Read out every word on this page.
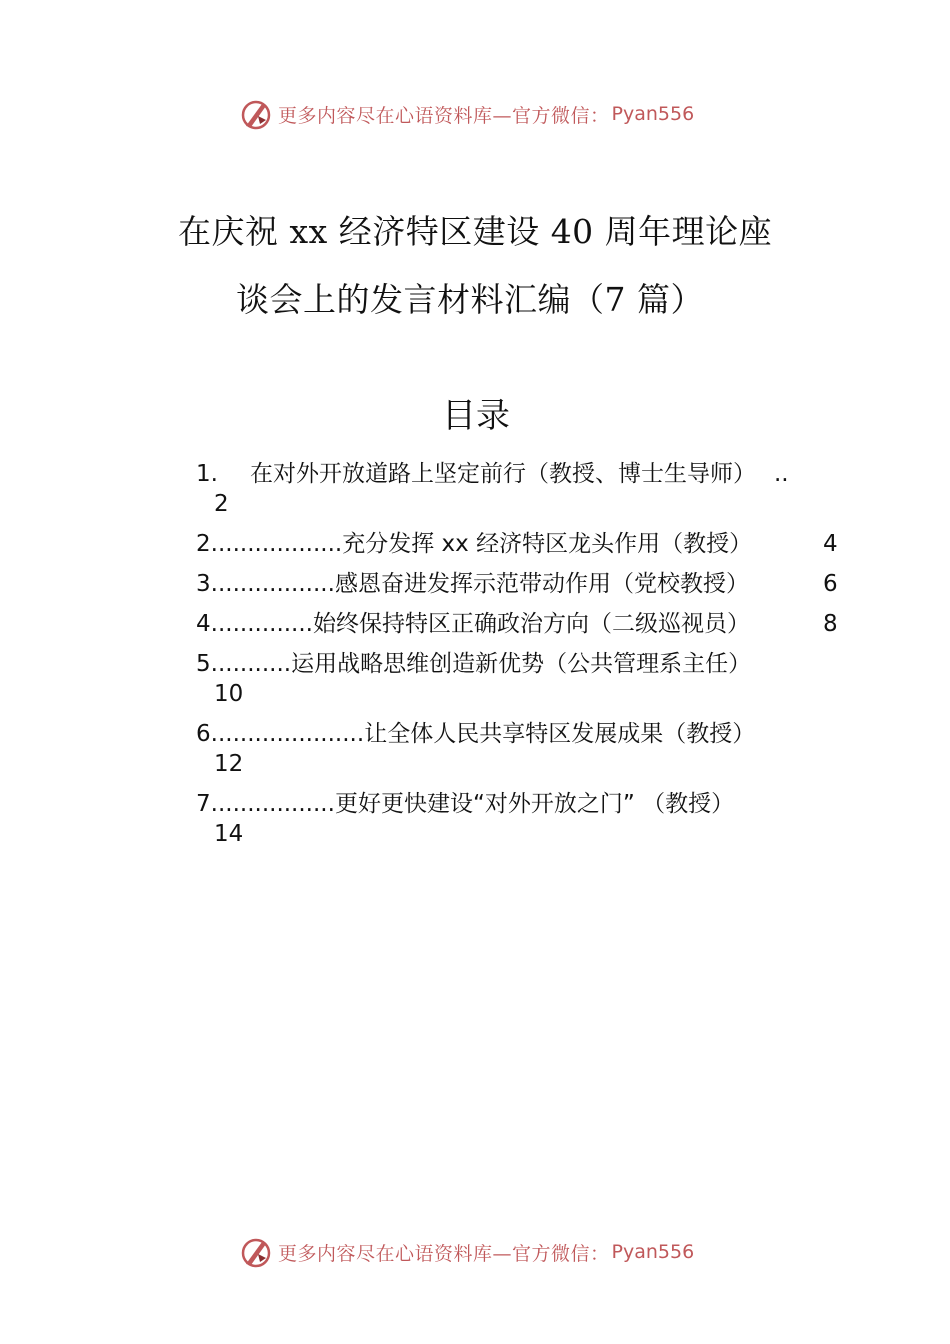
更多内容尽在心语资料库—官方微信： Pyan556
在庆祝 xx 经济特区建设 40 周年理论座
谈会上的发言材料汇编（7 篇）
目录
1. 在对外开放道路上坚定前行（教授、博士生导师） ..
2
2..................充分发挥 xx 经济特区龙头作用（教授）	4
3.................感恩奋进发挥示范带动作用（党校教授）	6
4..............始终保持特区正确政治方向（二级巡视员）	8
5...........运用战略思维创造新优势（公共管理系主任）
10
6.....................让全体人民共享特区发展成果（教授）
12
7.................更好更快建设“对外开放之门” （教授）
14
更多内容尽在心语资料库—官方微信： Pyan556
